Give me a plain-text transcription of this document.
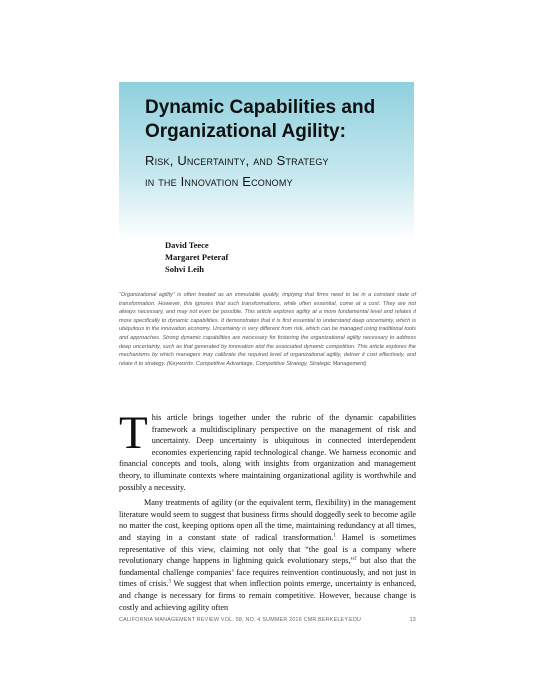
Dynamic Capabilities and Organizational Agility:
Risk, Uncertainty, and Strategy
in the Innovation Economy
David Teece
Margaret Peteraf
Sohvi Leih
“Organizational agility” is often treated as an immutable quality, implying that firms need to be in a constant state of transformation. However, this ignores that such transformations, while often essential, come at a cost. They are not always necessary, and may not even be possible. This article explores agility at a more fundamental level and relates it more specifically to dynamic capabilities. It demonstrates that it is first essential to understand deep uncertainty, which is ubiquitous in the innovation economy. Uncertainty is very different from risk, which can be managed using traditional tools and approaches. Strong dynamic capabilities are necessary for fostering the organizational agility necessary to address deep uncertainty, such as that generated by innovation and the associated dynamic competition. This article explores the mechanisms by which managers may calibrate the required level of organizational agility, deliver it cost effectively, and relate it to strategy. (Keywords: Competitive Advantage, Competitive Strategy, Strategic Management)

This article brings together under the rubric of the dynamic capabilities framework a multidisciplinary perspective on the management of risk and uncertainty. Deep uncertainty is ubiquitous in connected interdependent economies experiencing rapid technological change. We harness economic and financial concepts and tools, along with insights from organization and management theory, to illuminate contexts where maintaining organizational agility is worthwhile and possibly a necessity.

Many treatments of agility (or the equivalent term, flexibility) in the management literature would seem to suggest that business firms should doggedly seek to become agile no matter the cost, keeping options open all the time, maintaining redundancy at all times, and staying in a constant state of radical transformation.$^1$ Hamel is sometimes representative of this view, claiming not only that “the goal is a company where revolutionary change happens in lightning quick evolutionary steps,”$^2$ but also that the fundamental challenge companies’ face requires reinvention continuously, and not just in times of crisis.$^3$ We suggest that when inflection points emerge, uncertainty is enhanced, and change is necessary for firms to remain competitive. However, because change is costly and achieving agility often

CALIFORNIA MANAGEMENT REVIEW VOL. 58, NO. 4 SUMMER 2016 CMR.BERKELEY.EDU	13
